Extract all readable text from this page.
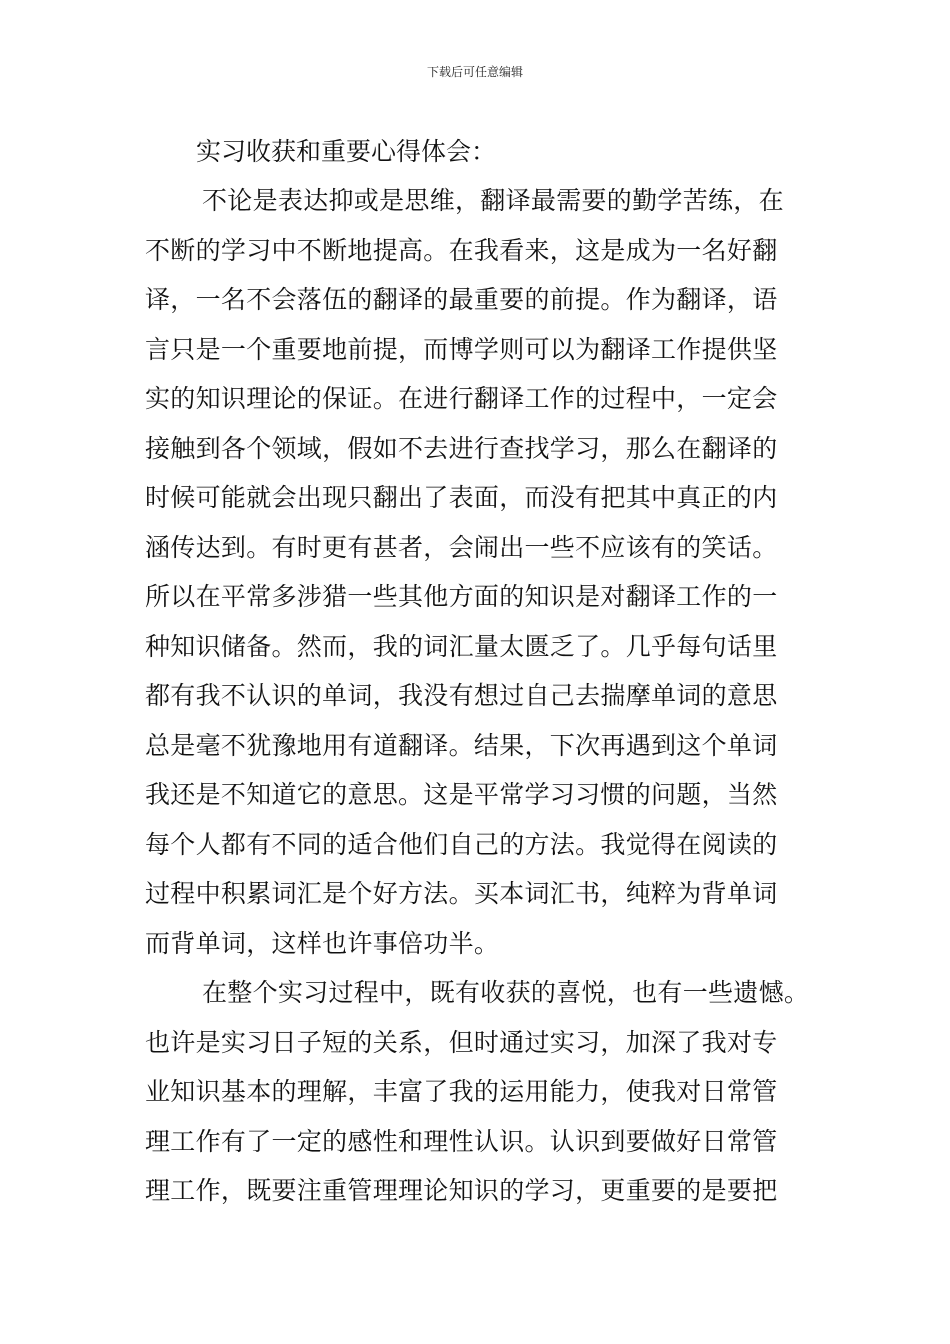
下载后可任意编辑
实习收获和重要心得体会：
不论是表达抑或是思维，翻译最需要的勤学苦练，在
不断的学习中不断地提高。在我看来，这是成为一名好翻
译，一名不会落伍的翻译的最重要的前提。作为翻译，语
言只是一个重要地前提，而博学则可以为翻译工作提供坚
实的知识理论的保证。在进行翻译工作的过程中，一定会
接触到各个领域，假如不去进行查找学习，那么在翻译的
时候可能就会出现只翻出了表面，而没有把其中真正的内
涵传达到。有时更有甚者，会闹出一些不应该有的笑话。
所以在平常多涉猎一些其他方面的知识是对翻译工作的一
种知识储备。然而，我的词汇量太匮乏了。几乎每句话里
都有我不认识的单词，我没有想过自己去揣摩单词的意思
总是毫不犹豫地用有道翻译。结果，下次再遇到这个单词
我还是不知道它的意思。这是平常学习习惯的问题，当然
每个人都有不同的适合他们自己的方法。我觉得在阅读的
过程中积累词汇是个好方法。买本词汇书，纯粹为背单词
而背单词，这样也许事倍功半。
在整个实习过程中，既有收获的喜悦，也有一些遗憾。
也许是实习日子短的关系，但时通过实习，加深了我对专
业知识基本的理解，丰富了我的运用能力，使我对日常管
理工作有了一定的感性和理性认识。认识到要做好日常管
理工作，既要注重管理理论知识的学习，更重要的是要把
